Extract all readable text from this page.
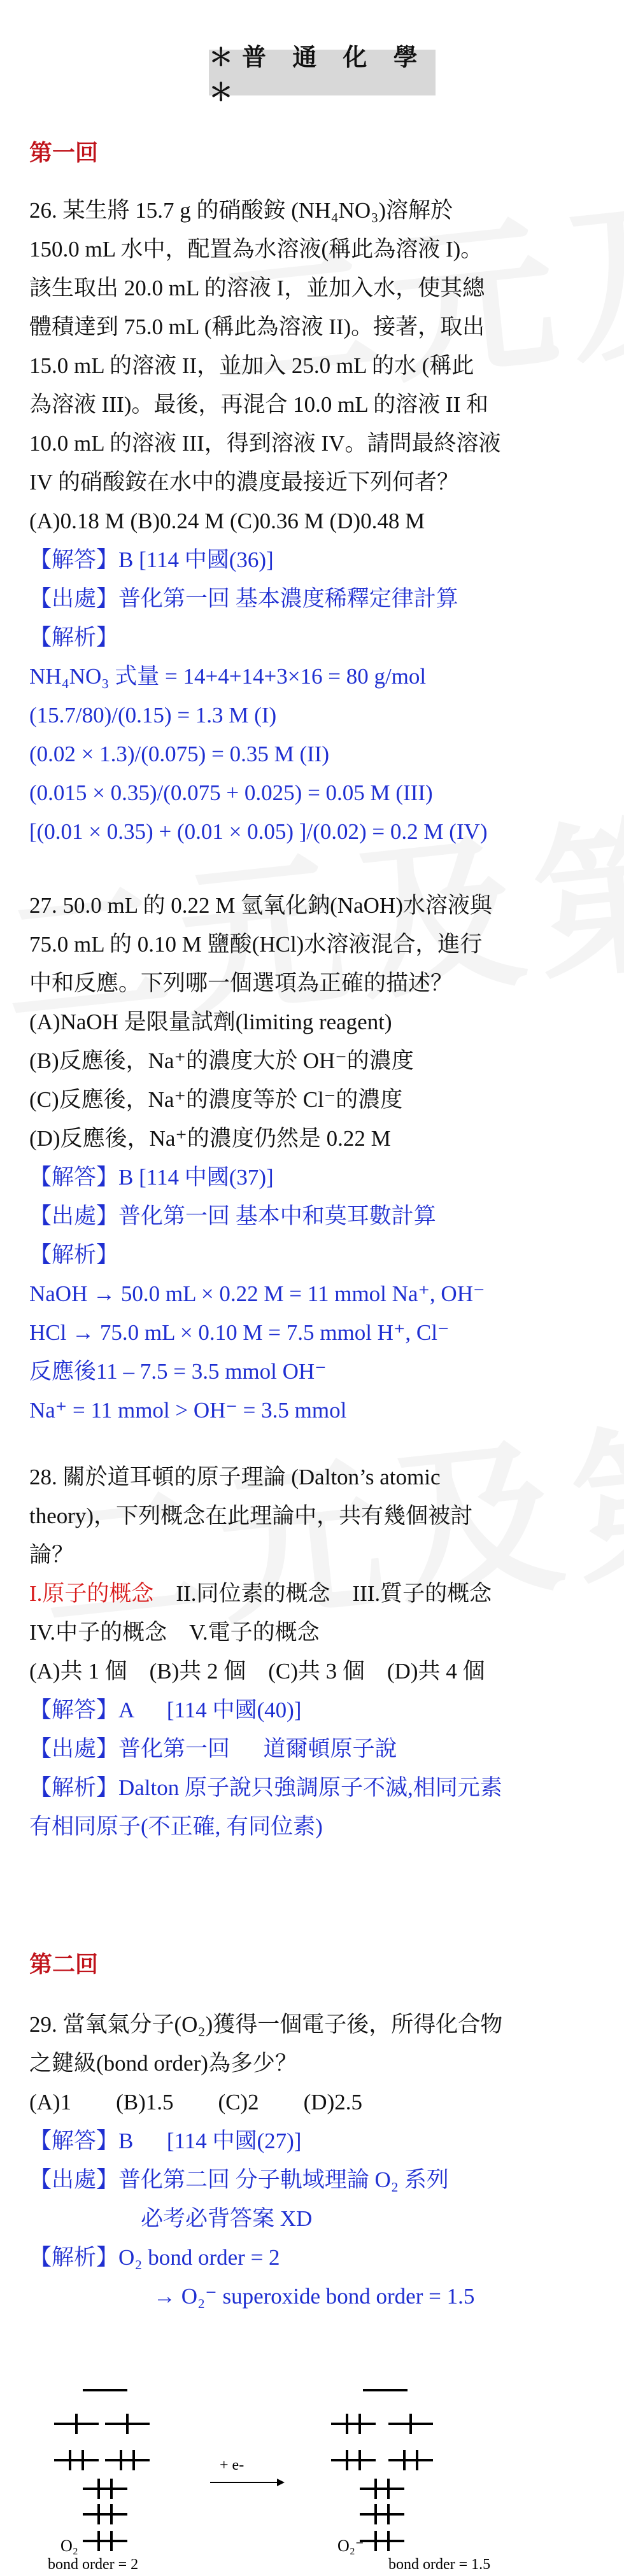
＊普 通 化 學＊
第一回
26. 某生將 15.7 g 的硝酸銨 (NH₄NO₃)溶解於
150.0 mL 水中，配置為水溶液(稱此為溶液 I)。
該生取出 20.0 mL 的溶液 I，並加入水，使其總
體積達到 75.0 mL (稱此為溶液 II)。接著，取出
15.0 mL 的溶液 II，並加入 25.0 mL 的水 (稱此
為溶液 III)。最後，再混合 10.0 mL 的溶液 II 和
10.0 mL 的溶液 III，得到溶液 IV。請問最終溶液
IV 的硝酸銨在水中的濃度最接近下列何者？
(A)0.18 M (B)0.24 M (C)0.36 M (D)0.48 M
【解答】B [114 中國(36)]
【出處】普化第一回 基本濃度稀釋定律計算
【解析】
NH₄NO₃ 式量 = 14+4+14+3×16 = 80 g/mol
(15.7/80)/(0.15) = 1.3 M (I)
(0.02 × 1.3)/(0.075) = 0.35 M (II)
(0.015 × 0.35)/(0.075 + 0.025) = 0.05 M (III)
[(0.01 × 0.35) + (0.01 × 0.05) ]/(0.02) = 0.2 M (IV)
27. 50.0 mL 的 0.22 M 氫氧化鈉(NaOH)水溶液與
75.0 mL 的 0.10 M 鹽酸(HCl)水溶液混合，進行
中和反應。下列哪一個選項為正確的描述？
(A)NaOH 是限量試劑(limiting reagent)
(B)反應後，Na⁺的濃度大於 OH⁻的濃度
(C)反應後，Na⁺的濃度等於 Cl⁻的濃度
(D)反應後，Na⁺的濃度仍然是 0.22 M
【解答】B [114 中國(37)]
【出處】普化第一回 基本中和莫耳數計算
【解析】
NaOH → 50.0 mL × 0.22 M = 11 mmol Na⁺, OH⁻
HCl → 75.0 mL × 0.10 M = 7.5 mmol H⁺, Cl⁻
反應後11 – 7.5 = 3.5 mmol OH⁻
Na⁺ = 11 mmol > OH⁻ = 3.5 mmol
28. 關於道耳頓的原子理論 (Dalton’s atomic
theory)，下列概念在此理論中，共有幾個被討
論？
I.原子的概念    II.同位素的概念    III.質子的概念
IV.中子的概念    V.電子的概念
(A)共 1 個    (B)共 2 個    (C)共 3 個    (D)共 4 個
【解答】A      [114 中國(40)]
【出處】普化第一回      道爾頓原子說
【解析】Dalton 原子說只強調原子不滅,相同元素
有相同原子(不正確, 有同位素)
第二回
29. 當氧氣分子(O₂)獲得一個電子後，所得化合物
之鍵級(bond order)為多少？
(A)1        (B)1.5        (C)2        (D)2.5
【解答】B      [114 中國(27)]
【出處】普化第二回 分子軌域理論 O₂ 系列
必考必背答案 XD
【解析】O₂ bond order = 2
→ O₂⁻ superoxide bond order = 1.5
+ e-
O₂
bond order = 2
O₂⁻
bond order = 1.5
